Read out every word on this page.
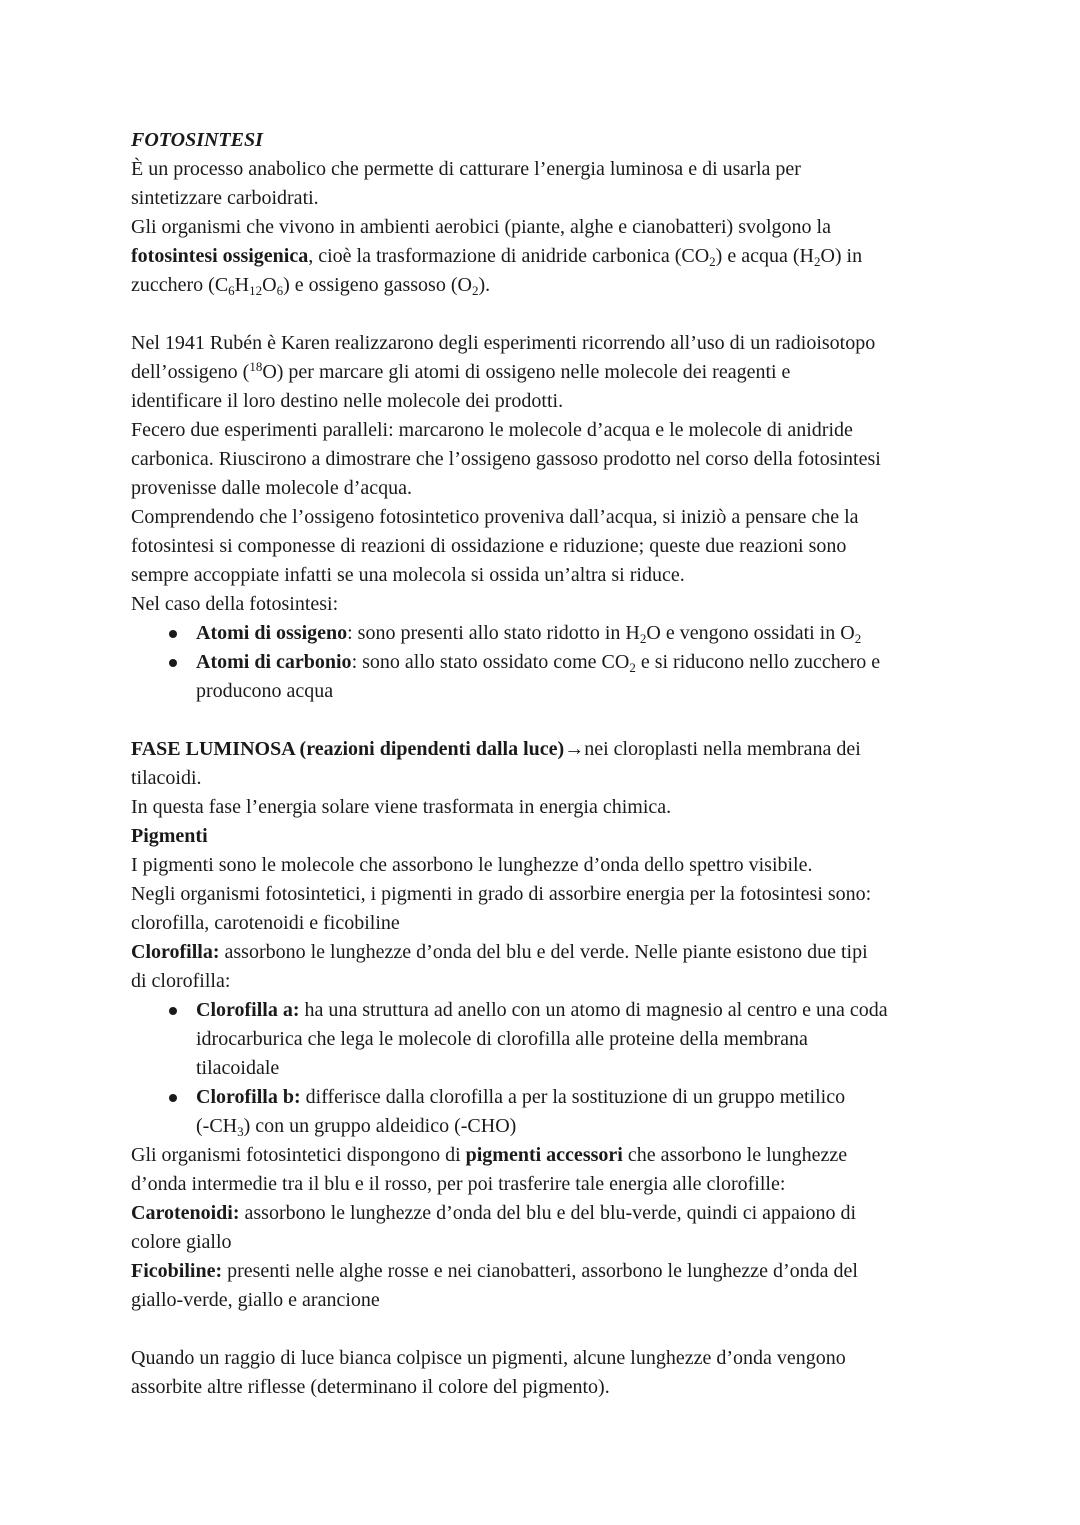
FOTOSINTESI
È un processo anabolico che permette di catturare l’energia luminosa e di usarla per
sintetizzare carboidrati.
Gli organismi che vivono in ambienti aerobici (piante, alghe e cianobatteri) svolgono la
fotosintesi ossigenica, cioè la trasformazione di anidride carbonica $(CO_2)$ e acqua $(H_2O)$ in
zucchero $(C_6H_{12}O_6)$ e ossigeno gassoso $(O_2)$.
Nel 1941 Rubén è Karen realizzarono degli esperimenti ricorrendo all’uso di un radioisotopo
dell’ossigeno ($^{18}$O) per marcare gli atomi di ossigeno nelle molecole dei reagenti e
identificare il loro destino nelle molecole dei prodotti.
Fecero due esperimenti paralleli: marcarono le molecole d’acqua e le molecole di anidride
carbonica. Riuscirono a dimostrare che l’ossigeno gassoso prodotto nel corso della fotosintesi
provenisse dalle molecole d’acqua.
Comprendendo che l’ossigeno fotosintetico proveniva dall’acqua, si iniziò a pensare che la
fotosintesi si componesse di reazioni di ossidazione e riduzione; queste due reazioni sono
sempre accoppiate infatti se una molecola si ossida un’altra si riduce.
Nel caso della fotosintesi:
Atomi di ossigeno: sono presenti allo stato ridotto in $H_2O$ e vengono ossidati in $O_2$
Atomi di carbonio: sono allo stato ossidato come $CO_2$ e si riducono nello zucchero e
producono acqua
FASE LUMINOSA (reazioni dipendenti dalla luce)→nei cloroplasti nella membrana dei
tilacoidi.
In questa fase l’energia solare viene trasformata in energia chimica.
Pigmenti
I pigmenti sono le molecole che assorbono le lunghezze d’onda dello spettro visibile.
Negli organismi fotosintetici, i pigmenti in grado di assorbire energia per la fotosintesi sono:
clorofilla, carotenoidi e ficobiline
Clorofilla: assorbono le lunghezze d’onda del blu e del verde. Nelle piante esistono due tipi
di clorofilla:
Clorofilla a: ha una struttura ad anello con un atomo di magnesio al centro e una coda
idrocarburica che lega le molecole di clorofilla alle proteine della membrana
tilacoidale
Clorofilla b: differisce dalla clorofilla a per la sostituzione di un gruppo metilico
$(-CH_3)$ con un gruppo aldeidico (-CHO)
Gli organismi fotosintetici dispongono di pigmenti accessori che assorbono le lunghezze
d’onda intermedie tra il blu e il rosso, per poi trasferire tale energia alle clorofille:
Carotenoidi: assorbono le lunghezze d’onda del blu e del blu-verde, quindi ci appaiono di
colore giallo
Ficobiline: presenti nelle alghe rosse e nei cianobatteri, assorbono le lunghezze d’onda del
giallo-verde, giallo e arancione
Quando un raggio di luce bianca colpisce un pigmenti, alcune lunghezze d’onda vengono
assorbite altre riflesse (determinano il colore del pigmento).
